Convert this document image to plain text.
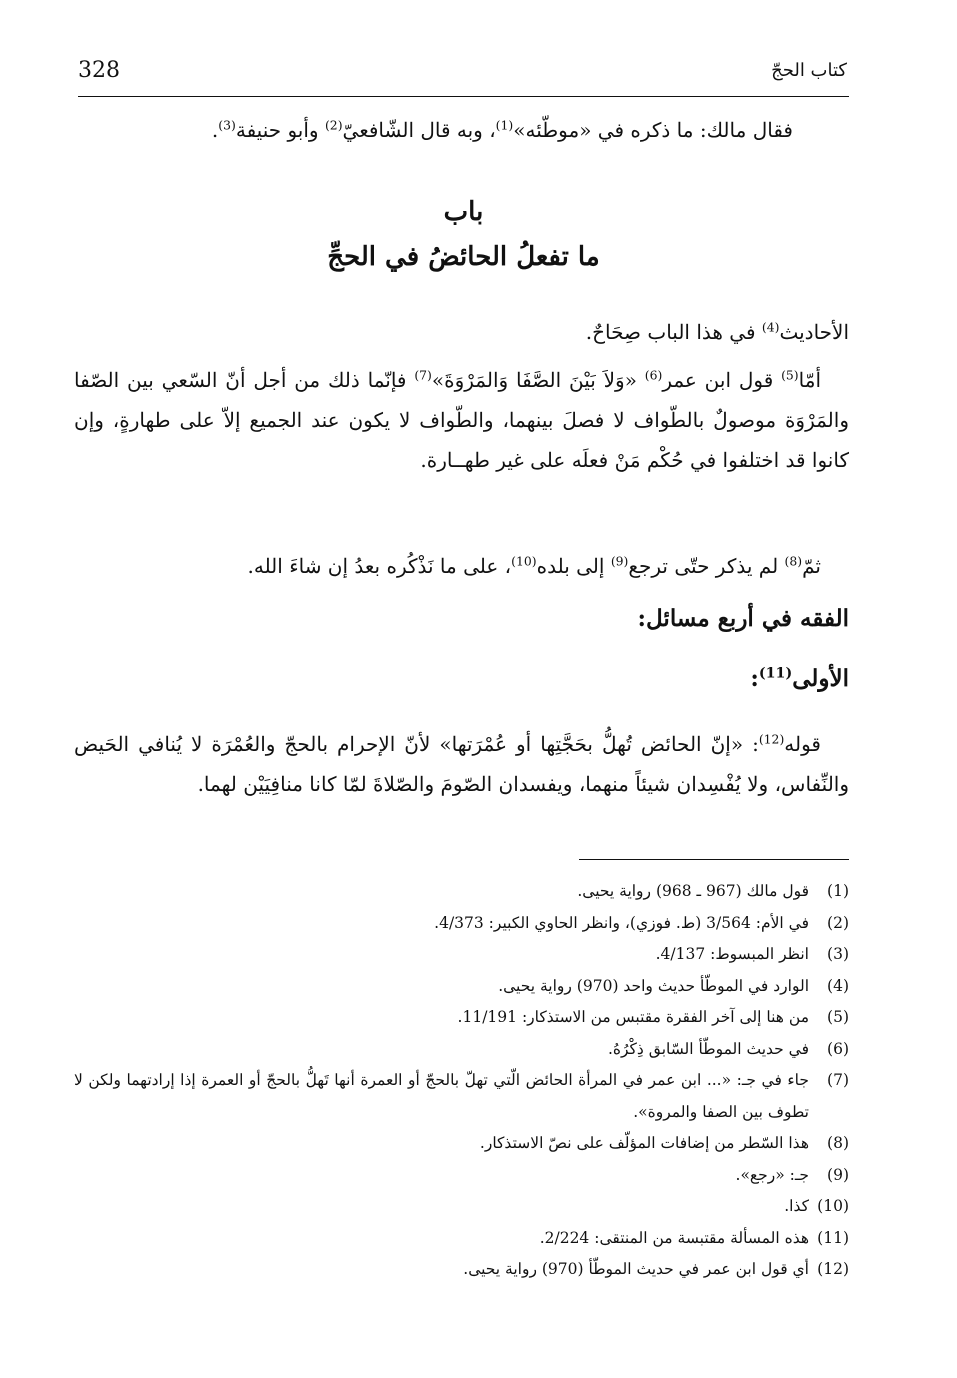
328	كتاب الحجّ
فقال مالك: ما ذكره في «موطّئه»$^{(1)}$، وبه قال الشّافعيّ$^{(2)}$ وأبو حنيفة$^{(3)}$.
باب
ما تفعلُ الحائضُ في الحجِّ
الأحاديث$^{(4)}$ في هذا الباب صِحَاحٌ.
أمّا$^{(5)}$ قول ابن عمر$^{(6)}$ «وَلاَ بَيْنَ الصَّفَا وَالمَرْوَةَ»$^{(7)}$ فإنّما ذلك من أجل أنّ السّعي بين الصّفا والمَرْوَة موصولٌ بالطّواف لا فصلَ بينهما، والطّواف لا يكون عند الجميع إلاّ على طهارةٍ، وإن كانوا قد اختلفوا في حُكْم مَنْ فعلَه على غير طهــارة.
ثمّ$^{(8)}$ لم يذكر حتّى ترجع$^{(9)}$ إلى بلده$^{(10)}$، على ما نَذْكُره بعدُ إن شاءَ الله.
الفقه في أربع مسائل:
الأولى$^{(11)}$:
قوله$^{(12)}$: «إنّ الحائض تُهلُّ بحَجَّتِها أو عُمْرَتها» لأنّ الإحرام بالحجّ والعُمْرَة لا يُنافي الحَيض والنِّفاس، ولا يُفْسِدان شيئاً منهما، ويفسدان الصّومَ والصّلاةَ لمّا كانا منافِيَيْن لهما.
(1)
قول مالك (967 ـ 968) رواية يحيى.
(2)
في الأم: 3/564 (ط. فوزي)، وانظر الحاوي الكبير: 4/373.
(3)
انظر المبسوط: 4/137.
(4)
الوارد في الموطّأ حديث واحد (970) رواية يحيى.
(5)
من هنا إلى آخر الفقرة مقتبس من الاستذكار: 11/191.
(6)
في حديث الموطّأ السّابق ذِكْرُهُ.
(7)
جاء في جـ: «... ابن عمر في المرأة الحائض الّتي تهلّ بالحجّ أو العمرة أنها تَهلُّ بالحجّ أو العمرة إذا إرادتهما ولكن لا تطوف بين الصفا والمروة».
(8)
هذا السّطر من إضافات المؤلّف على نصّ الاستذكار.
(9)
جـ: «رجع».
(10)
كذا.
(11)
هذه المسألة مقتبسة من المنتقى: 2/224.
(12)
أي قول ابن عمر في حديث الموطّأ (970) رواية يحيى.
